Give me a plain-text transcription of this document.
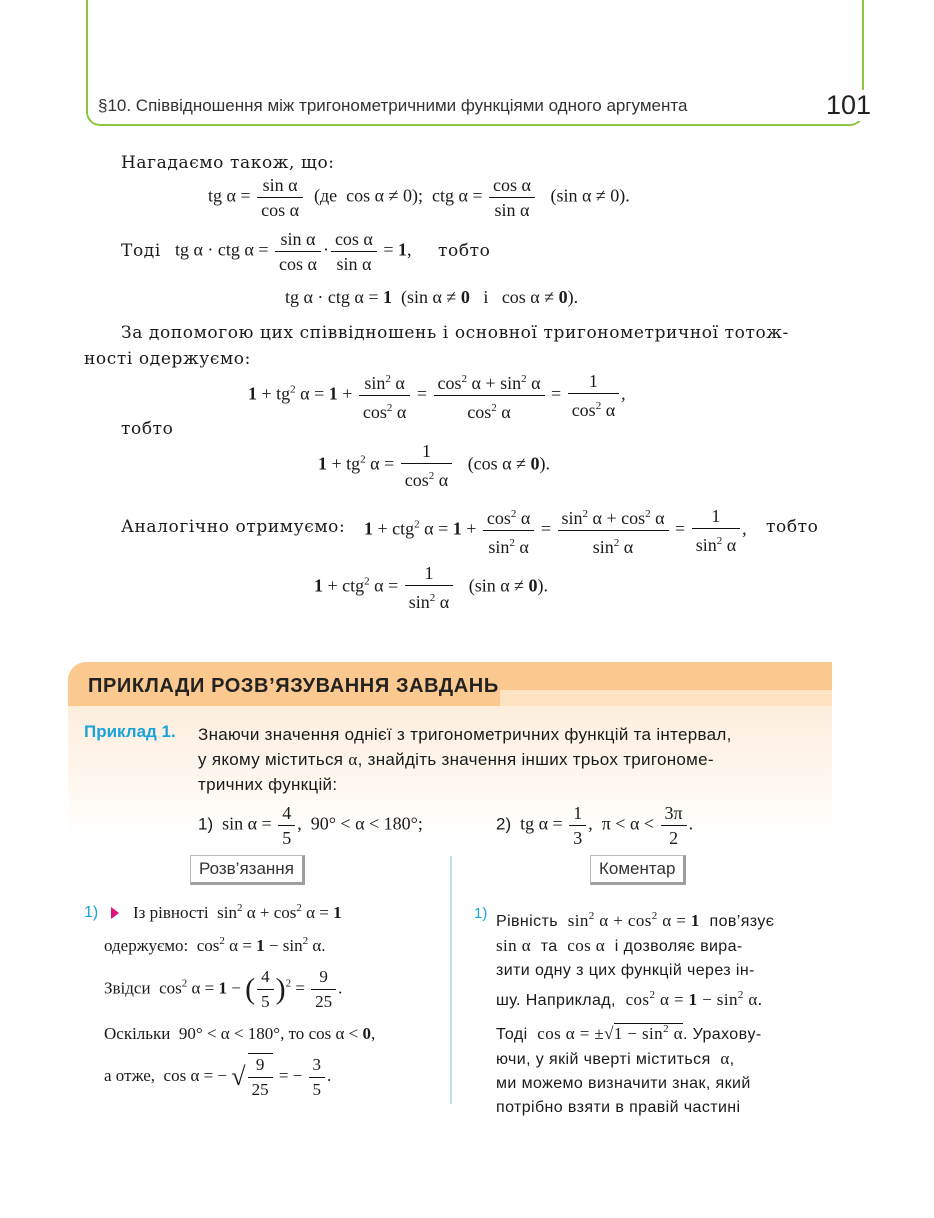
§10. Співвідношення між тригонометричними функціями одного аргумента	101
Нагадаємо також, що:
tg $\alpha = \frac{\text{sin α}}{\text{cos α}} (де$  cos α ≠ 0);  ctg $\alpha = \frac{\text{cos α}}{\text{sin α}} (\sin$ α ≠ 0).
Тоді tg α · ctg $\alpha = \frac{\text{sin α}}{\text{cos α}} \cdot \frac{\text{cos α}}{\text{sin α}} = 1$, тобто
tg α · ctg α = 1  (sin α ≠ 0   і   cos α ≠ 0).
За допомогою цих співвідношень і основної тригонометричної тотож-
ності одержуємо:
$1 + tg^2$ $\alpha = 1 + \frac{\sin^2 \alpha}{\cos^2 \alpha} = \frac{\cos^2 \alpha + \sin^2 \alpha}{\cos^2 \alpha} = \frac{1}{\cos^2 \alpha}$ ,
тобто
$1 + tg^2$ $\alpha = \frac{1}{\cos^2 \alpha} (\cos$ α ≠ 0).
Аналогічно отримуємо: 1 + ctg$^2$ $\alpha = 1 + \frac{\cos^2 \alpha}{\sin^2 \alpha} = \frac{\sin^2 \alpha + \cos^2 \alpha}{\sin^2 \alpha} = \frac{1}{\sin^2 \alpha}$ , тобто
1 + ctg$^2$ $\alpha = \frac{1}{\sin^2 \alpha} (\sin$ α ≠ 0).
ПРИКЛАДИ РОЗВ’ЯЗУВАННЯ ЗАВДАНЬ
Приклад 1. Знаючи значення однієї з тригонометричних функцій та інтервал,
у якому міститься α, знайдіть значення інших трьох тригономе-
тричних функцій:
1)  $\sin \alpha = \frac{4}{5}$ ,  90° < α < 180°;	2)  tg $\alpha = \frac{1}{3}$ ,  $\pi < \alpha < \frac{3\pi}{2}$ .
Розв’язання	Коментар
1) Із рівності  $\sin^2 \alpha + \cos^2 \alpha = 1$
одержуємо:  $\cos^2 \alpha = 1 - \sin^2 \alpha$.
Звідси  $\cos^2 \alpha = 1$ − ( $\frac{4}{5} )^2 = \frac{9}{25}$ .
Оскільки  90° < α < 180°, то cos α < 0,
а отже,  cos α = − √ $\frac{9}{25}$ = − $\frac{3}{5}$ .
1) Рівність $\sin^2 \alpha + \cos^2 \alpha = 1$ пов’язує
sin α та cos α і дозволяє вира-
зити одну з цих функцій через ін-
шу. Наприклад, $\cos^2 \alpha = 1 - \sin^2 \alpha$.
Тоді $\cos \alpha = \pm√1 - \sin^2 \alpha$. Ураховy-
ючи, у якій чверті міститься α,
ми можемо визначити знак, який
потрібно взяти в правій частині
